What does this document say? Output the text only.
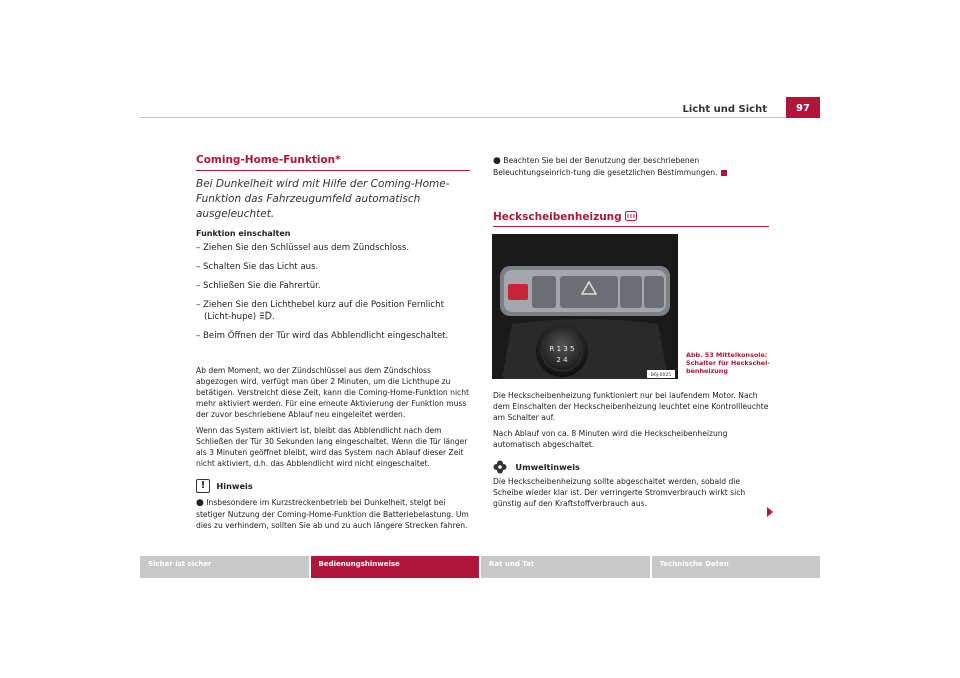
Licht und Sicht	97
Coming-Home-Funktion*
Bei Dunkelheit wird mit Hilfe der Coming-Home-Funktion das Fahrzeugumfeld automatisch ausgeleuchtet.
Funktion einschalten
– Ziehen Sie den Schlüssel aus dem Zündschloss.
– Schalten Sie das Licht aus.
– Schließen Sie die Fahrertür.
– Ziehen Sie den Lichthebel kurz auf die Position Fernlicht (Licht-hupe) .
– Beim Öffnen der Tür wird das Abblendlicht eingeschaltet.

Ab dem Moment, wo der Zündschlüssel aus dem Zündschloss abgezogen wird, verfügt man über 2 Minuten, um die Lichthupe zu betätigen. Verstreicht diese Zeit, kann die Coming-Home-Funktion nicht mehr aktiviert werden. Für eine erneute Aktivierung der Funktion muss der zuvor beschriebene Ablauf neu eingeleitet werden.

Wenn das System aktiviert ist, bleibt das Abblendlicht nach dem Schließen der Tür 30 Sekunden lang eingeschaltet. Wenn die Tür länger als 3 Minuten geöffnet bleibt, wird das System nach Ablauf dieser Zeit nicht aktiviert, d.h. das Abblendlicht wird nicht eingeschaltet.

! Hinweis

● Insbesondere im Kurzstreckenbetrieb bei Dunkelheit, steigt bei stetiger Nutzung der Coming-Home-Funktion die Batteriebelastung. Um dies zu verhindern, sollten Sie ab und zu auch längere Strecken fahren.

● Beachten Sie bei der Benutzung der beschriebenen Beleuchtungseinrich-tung die gesetzlichen Bestimmungen.

Heckscheibenheizung

Die Heckscheibenheizung funktioniert nur bei laufendem Motor. Nach dem Einschalten der Heckscheibenheizung leuchtet eine Kontrollleuchte am Schalter auf.

Nach Ablauf von ca. 8 Minuten wird die Heckscheibenheizung automatisch abgeschaltet.

Umweltinweis

Die Heckscheibenheizung sollte abgeschaltet werden, sobald die Scheibe wieder klar ist. Der verringerte Stromverbrauch wirkt sich günstig auf den Kraftstoffverbrauch aus.

R 1 3 5
2 4
B6J-0025
Abb. 53 Mittelkonsole: Schalter für Heckschei-benheizung
Sicher ist sicher	Bedienungshinweise	Rat und Tat	Technische Daten
